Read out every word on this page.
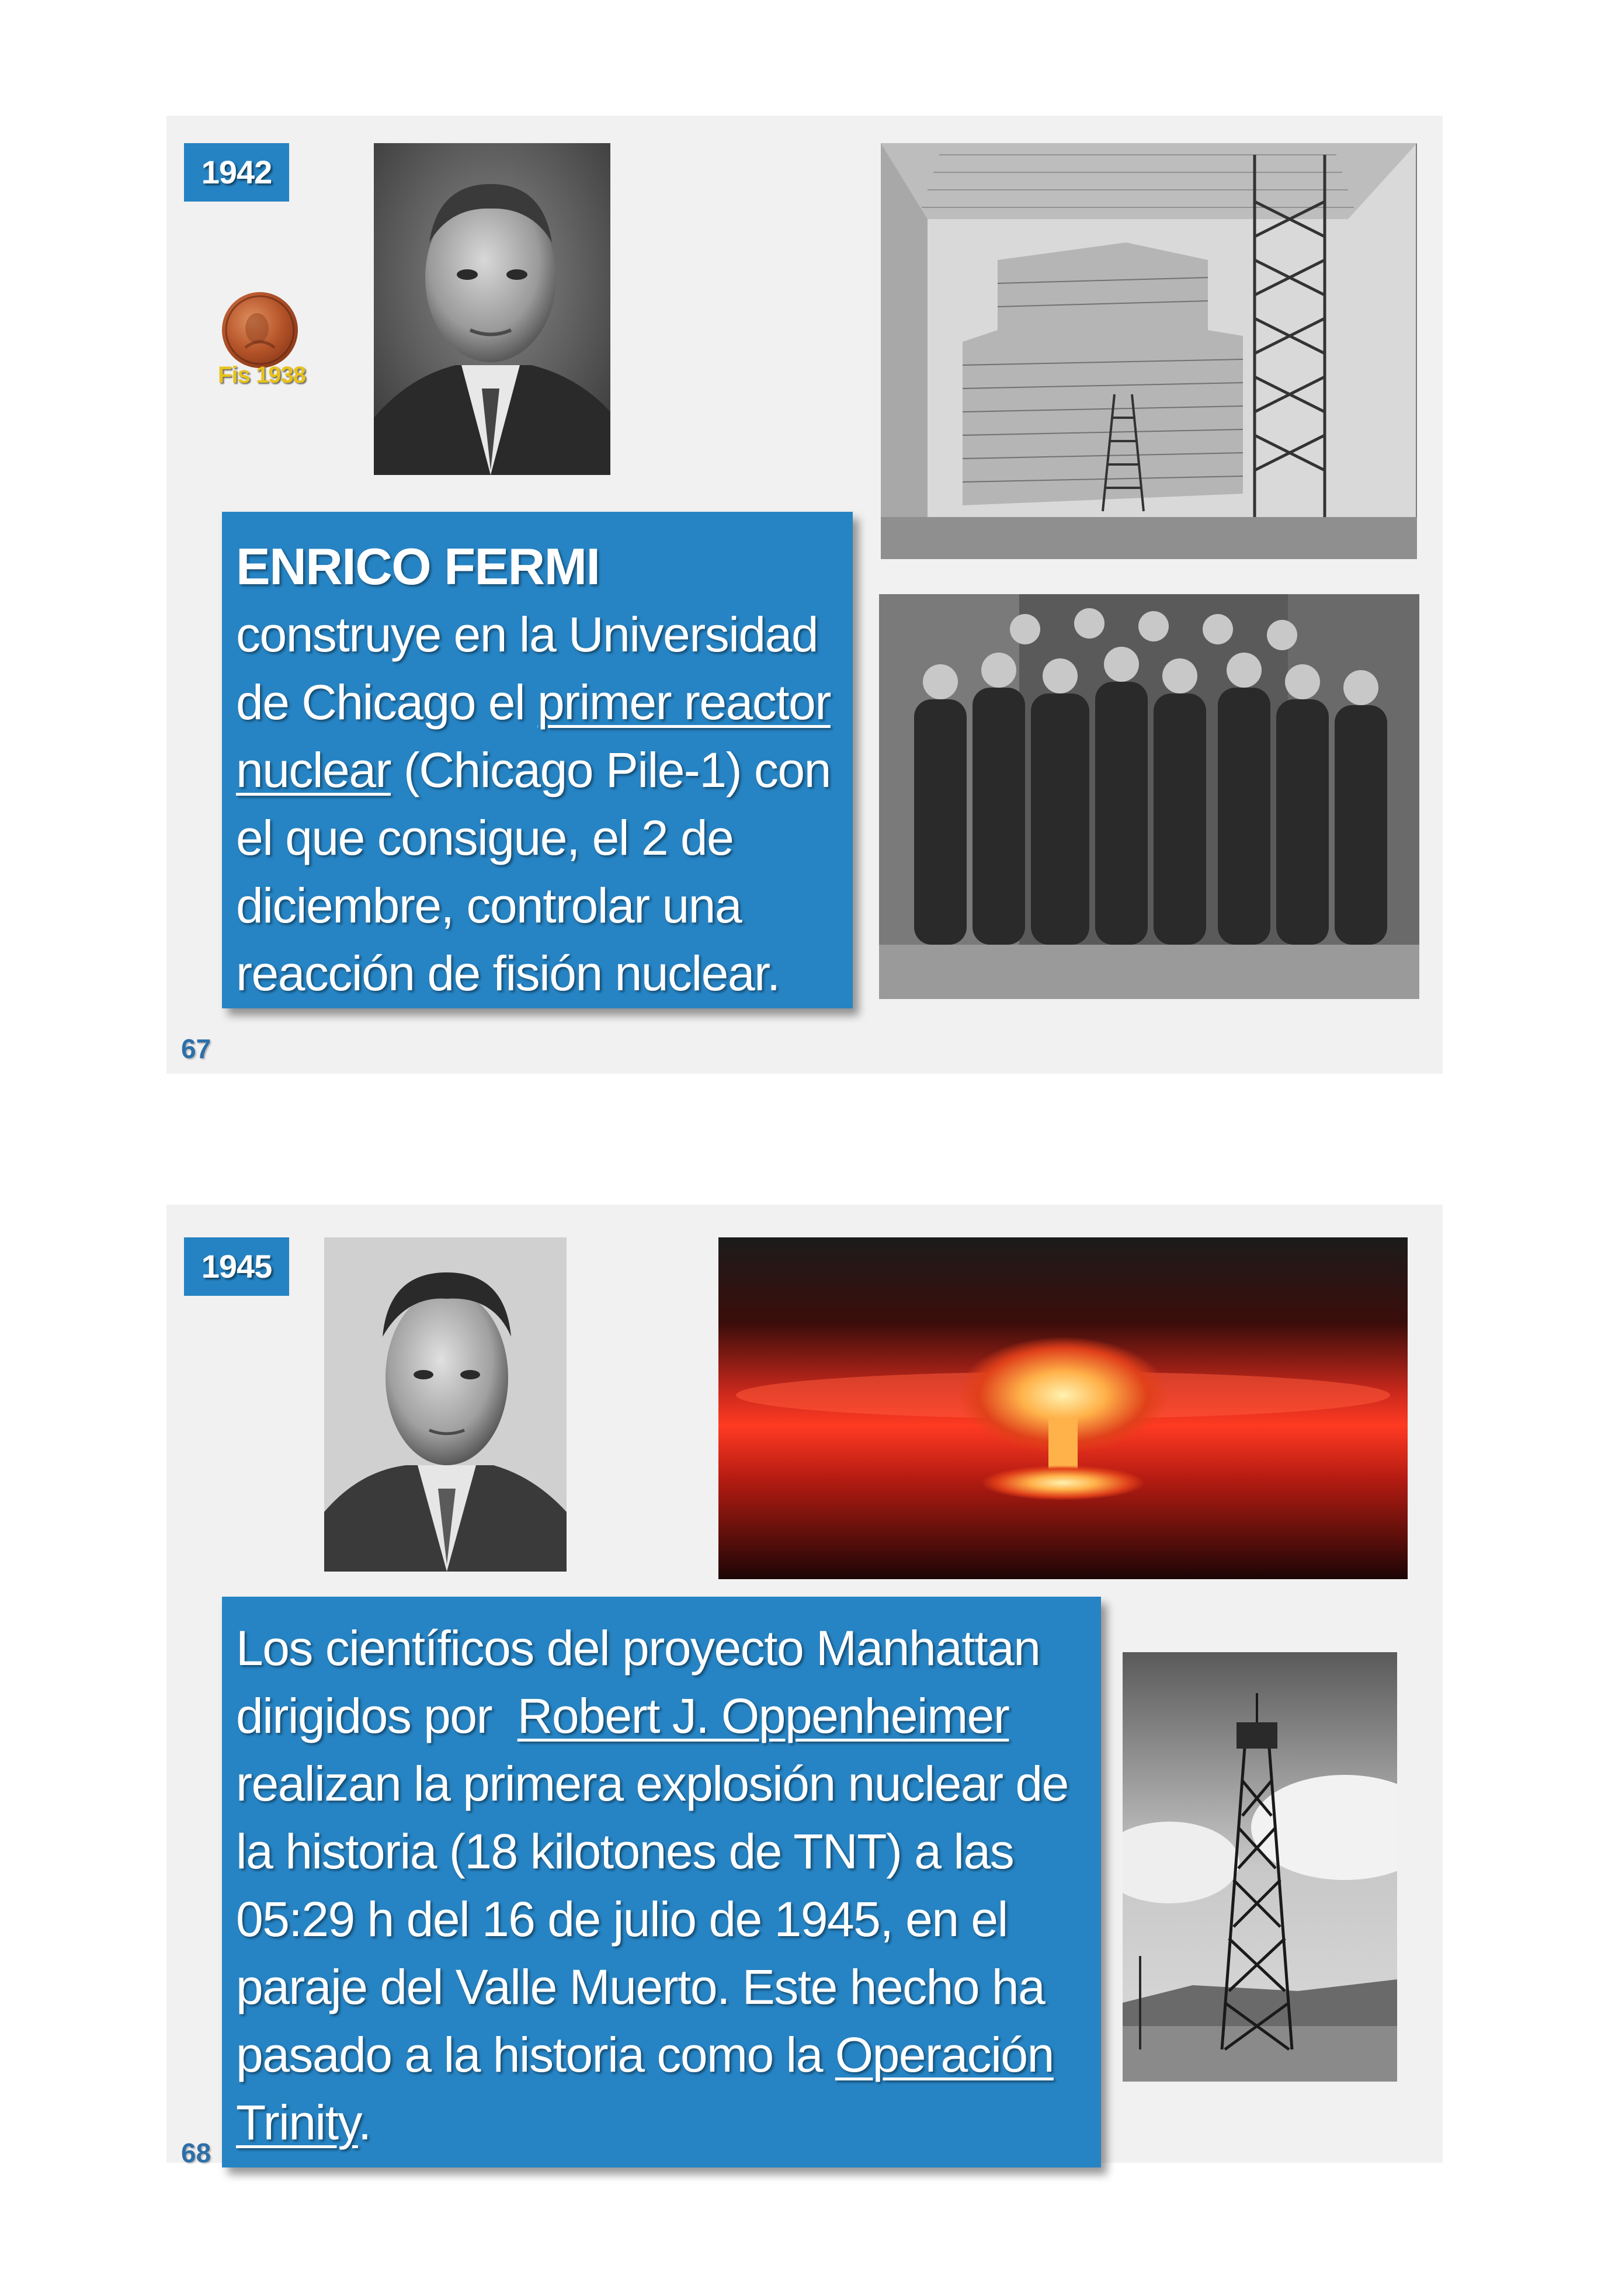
1942
Fis 1938
ENRICO FERMI
construye en la Universidad
de Chicago el primer reactor
nuclear (Chicago Pile-1) con
el que consigue, el 2 de
diciembre, controlar una
reacción de fisión nuclear.
67
1945
Los científicos del proyecto Manhattan
dirigidos por  Robert J. Oppenheimer
realizan la primera explosión nuclear de
la historia (18 kilotones de TNT) a las
05:29 h del 16 de julio de 1945, en el
paraje del Valle Muerto. Este hecho ha
pasado a la historia como la Operación
Trinity.
68
